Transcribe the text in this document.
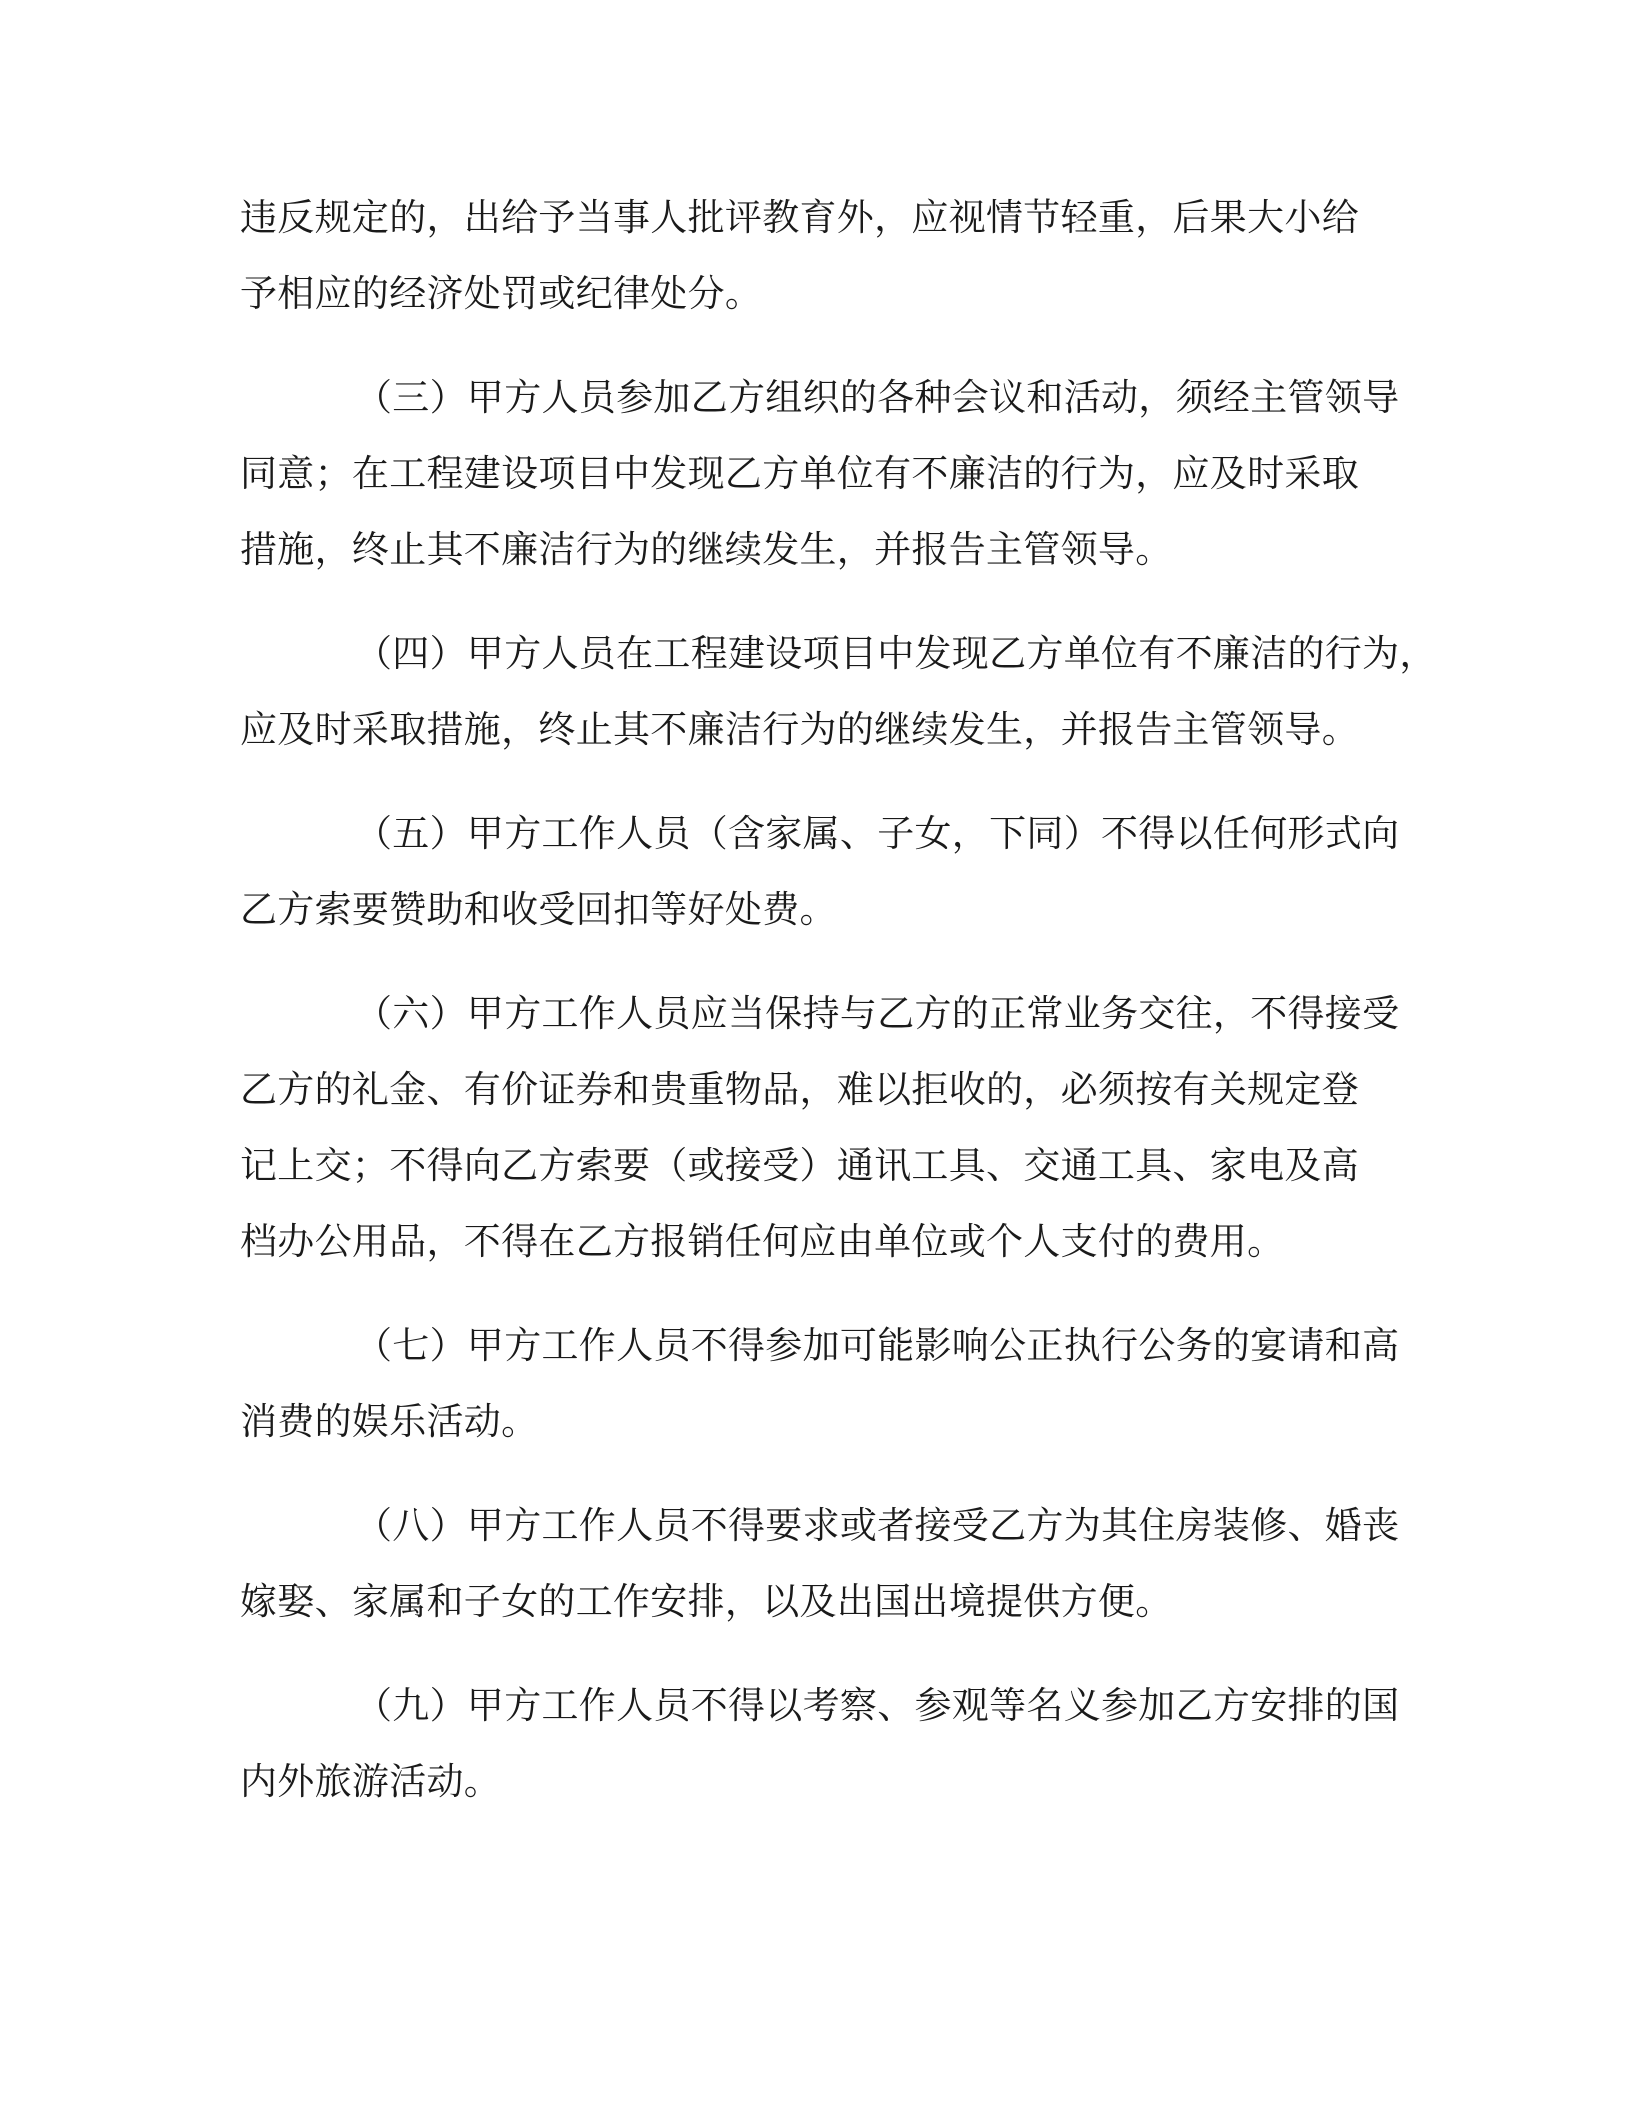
违反规定的，出给予当事人批评教育外，应视情节轻重，后果大小给

予相应的经济处罚或纪律处分。

（三）甲方人员参加乙方组织的各种会议和活动，须经主管领导

同意；在工程建设项目中发现乙方单位有不廉洁的行为，应及时采取

措施，终止其不廉洁行为的继续发生，并报告主管领导。

（四）甲方人员在工程建设项目中发现乙方单位有不廉洁的行为，

应及时采取措施，终止其不廉洁行为的继续发生，并报告主管领导。

（五）甲方工作人员（含家属、子女，下同）不得以任何形式向

乙方索要赞助和收受回扣等好处费。

（六）甲方工作人员应当保持与乙方的正常业务交往，不得接受

乙方的礼金、有价证券和贵重物品，难以拒收的，必须按有关规定登

记上交；不得向乙方索要（或接受）通讯工具、交通工具、家电及高

档办公用品，不得在乙方报销任何应由单位或个人支付的费用。

（七）甲方工作人员不得参加可能影响公正执行公务的宴请和高

消费的娱乐活动。

（八）甲方工作人员不得要求或者接受乙方为其住房装修、婚丧

嫁娶、家属和子女的工作安排，以及出国出境提供方便。

（九）甲方工作人员不得以考察、参观等名义参加乙方安排的国

内外旅游活动。
